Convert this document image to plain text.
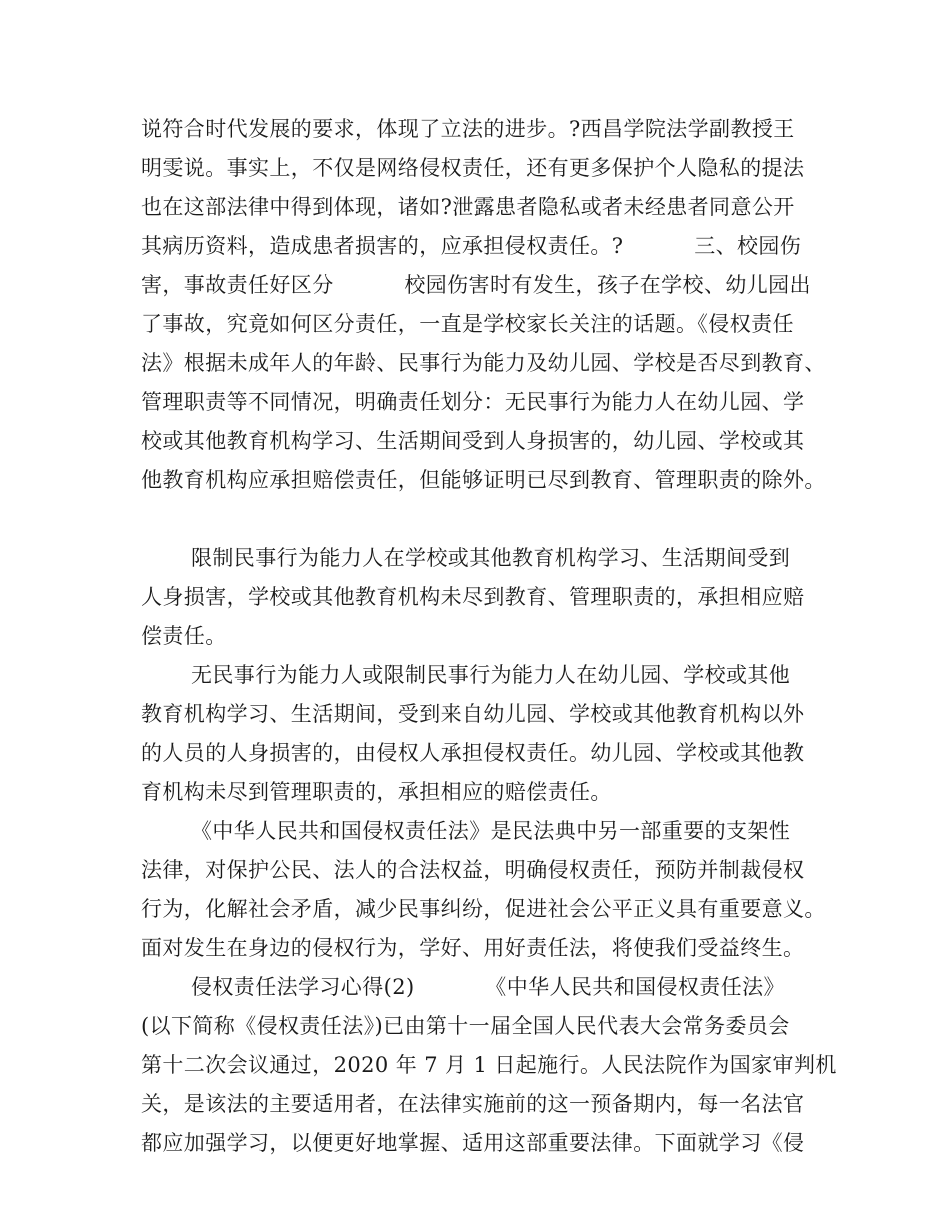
说符合时代发展的要求，体现了立法的进步。?西昌学院法学副教授王
明雯说。事实上，不仅是网络侵权责任，还有更多保护个人隐私的提法
也在这部法律中得到体现，诸如?泄露患者隐私或者未经患者同意公开
其病历资料，造成患者损害的，应承担侵权责任。?          三、校园伤
害，事故责任好区分          校园伤害时有发生，孩子在学校、幼儿园出
了事故，究竟如何区分责任，一直是学校家长关注的话题。《侵权责任
法》根据未成年人的年龄、民事行为能力及幼儿园、学校是否尽到教育、
管理职责等不同情况，明确责任划分：无民事行为能力人在幼儿园、学
校或其他教育机构学习、生活期间受到人身损害的，幼儿园、学校或其
他教育机构应承担赔偿责任，但能够证明已尽到教育、管理职责的除外。
限制民事行为能力人在学校或其他教育机构学习、生活期间受到
人身损害，学校或其他教育机构未尽到教育、管理职责的，承担相应赔
偿责任。
无民事行为能力人或限制民事行为能力人在幼儿园、学校或其他
教育机构学习、生活期间，受到来自幼儿园、学校或其他教育机构以外
的人员的人身损害的，由侵权人承担侵权责任。幼儿园、学校或其他教
育机构未尽到管理职责的，承担相应的赔偿责任。
《中华人民共和国侵权责任法》是民法典中另一部重要的支架性
法律，对保护公民、法人的合法权益，明确侵权责任，预防并制裁侵权
行为，化解社会矛盾，减少民事纠纷，促进社会公平正义具有重要意义。
面对发生在身边的侵权行为，学好、用好责任法，将使我们受益终生。
侵权责任法学习心得(2)          《中华人民共和国侵权责任法》
(以下简称《侵权责任法》)已由第十一届全国人民代表大会常务委员会
第十二次会议通过，2020 年 7 月 1 日起施行。人民法院作为国家审判机
关，是该法的主要适用者，在法律实施前的这一预备期内，每一名法官
都应加强学习，以便更好地掌握、适用这部重要法律。下面就学习《侵
